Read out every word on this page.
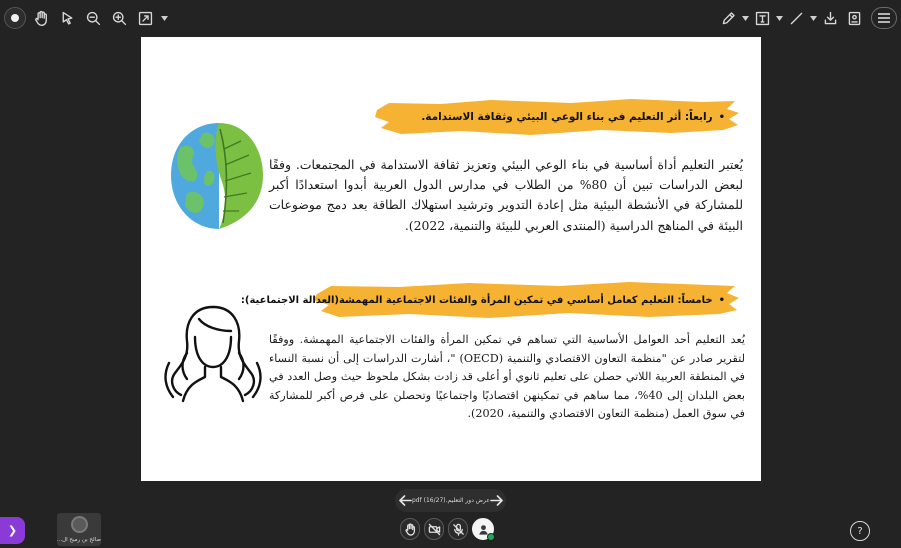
•
رابعاً: أثر التعليم في بناء الوعي البيئي وثقافة الاستدامة.
يُعتبر التعليم أداة أساسية في بناء الوعي البيئي وتعزيز ثقافة الاستدامة في المجتمعات. وفقًا لبعض الدراسات تبين أن 80% من الطلاب في مدارس الدول العربية أبدوا استعدادًا أكبر للمشاركة في الأنشطة البيئية مثل إعادة التدوير وترشيد استهلاك الطاقة بعد دمج موضوعات البيئة في المناهج الدراسية (المنتدى العربي للبيئة والتنمية، 2022).
•
خامساً: التعليم كعامل أساسي في تمكين المرأة والفئات الاجتماعية المهمشة(العدالة الاجتماعية):
يُعد التعليم أحد العوامل الأساسية التي تساهم في تمكين المرأة والفئات الاجتماعية المهمشة. ووفقًا لتقرير صادر عن "منظمة التعاون الاقتصادي والتنمية (OECD) "، أشارت الدراسات إلى أن نسبة النساء في المنطقة العربية اللاتي حصلن على تعليم ثانوي أو أعلى قد زادت بشكل ملحوظ حيث وصل العدد في بعض البلدان إلى 40%، مما ساهم في تمكينهن اقتصاديًا واجتماعيًا وتحصلن على فرص أكبر للمشاركة في سوق العمل (منظمة التعاون الاقتصادي والتنمية، 2020).
عرض دور التعليم.pdf (16/27)
❯
صالح بن رميح ال...
?
